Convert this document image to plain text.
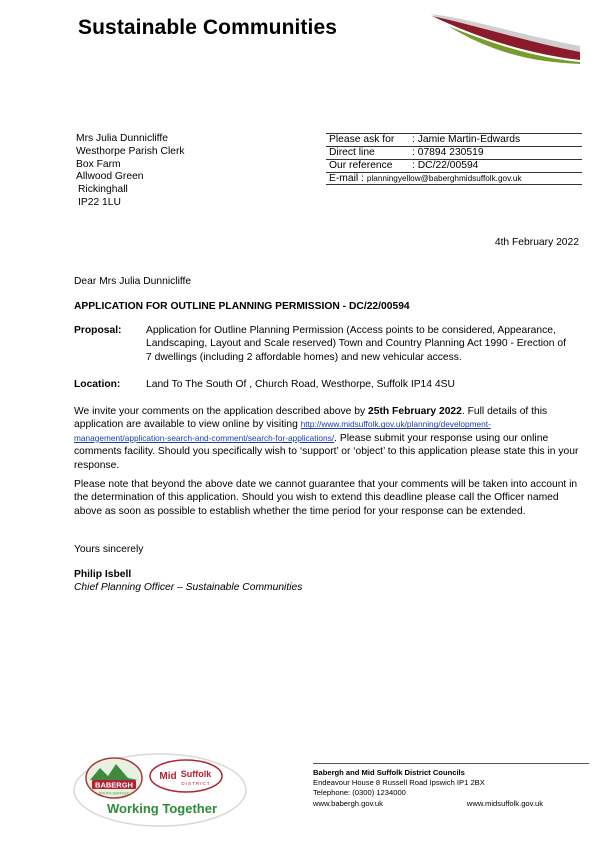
Sustainable Communities
Mrs Julia Dunnicliffe
Westhorpe Parish Clerk
Box Farm
Allwood Green
Rickinghall
IP22 1LU
Please ask for	: Jamie Martin-Edwards
Direct line	: 07894 230519
Our reference	: DC/22/00594
E-mail : planningyellow@baberghmidsuffolk.gov.uk
4th February 2022
Dear Mrs Julia Dunnicliffe
APPLICATION FOR OUTLINE PLANNING PERMISSION - DC/22/00594
Proposal:	Application for Outline Planning Permission (Access points to be considered, Appearance, Landscaping, Layout and Scale reserved) Town and Country Planning Act 1990 - Erection of 7 dwellings (including 2 affordable homes) and new vehicular access.
Location:	Land To The South Of , Church Road, Westhorpe, Suffolk IP14 4SU
We invite your comments on the application described above by 25th February 2022. Full details of this application are available to view online by visiting http://www.midsuffolk.gov.uk/planning/development-management/application-search-and-comment/search-for-applications/. Please submit your response using our online comments facility. Should you specifically wish to ‘support’ or ‘object’ to this application please state this in your response.
Please note that beyond the above date we cannot guarantee that your comments will be taken into account in the determination of this application. Should you wish to extend this deadline please call the Officer named above as soon as possible to establish whether the time period for your response can be extended.
Yours sincerely
Philip Isbell
Chief Planning Officer – Sustainable Communities
BABERGH
SOUTH SUFFOLK
Mid Suffolk
DISTRICT
Working Together
Babergh and Mid Suffolk District Councils
Endeavour House 8 Russell Road Ipswich IP1 2BX
Telephone: (0300) 1234000
www.babergh.gov.uk	www.midsuffolk.gov.uk
